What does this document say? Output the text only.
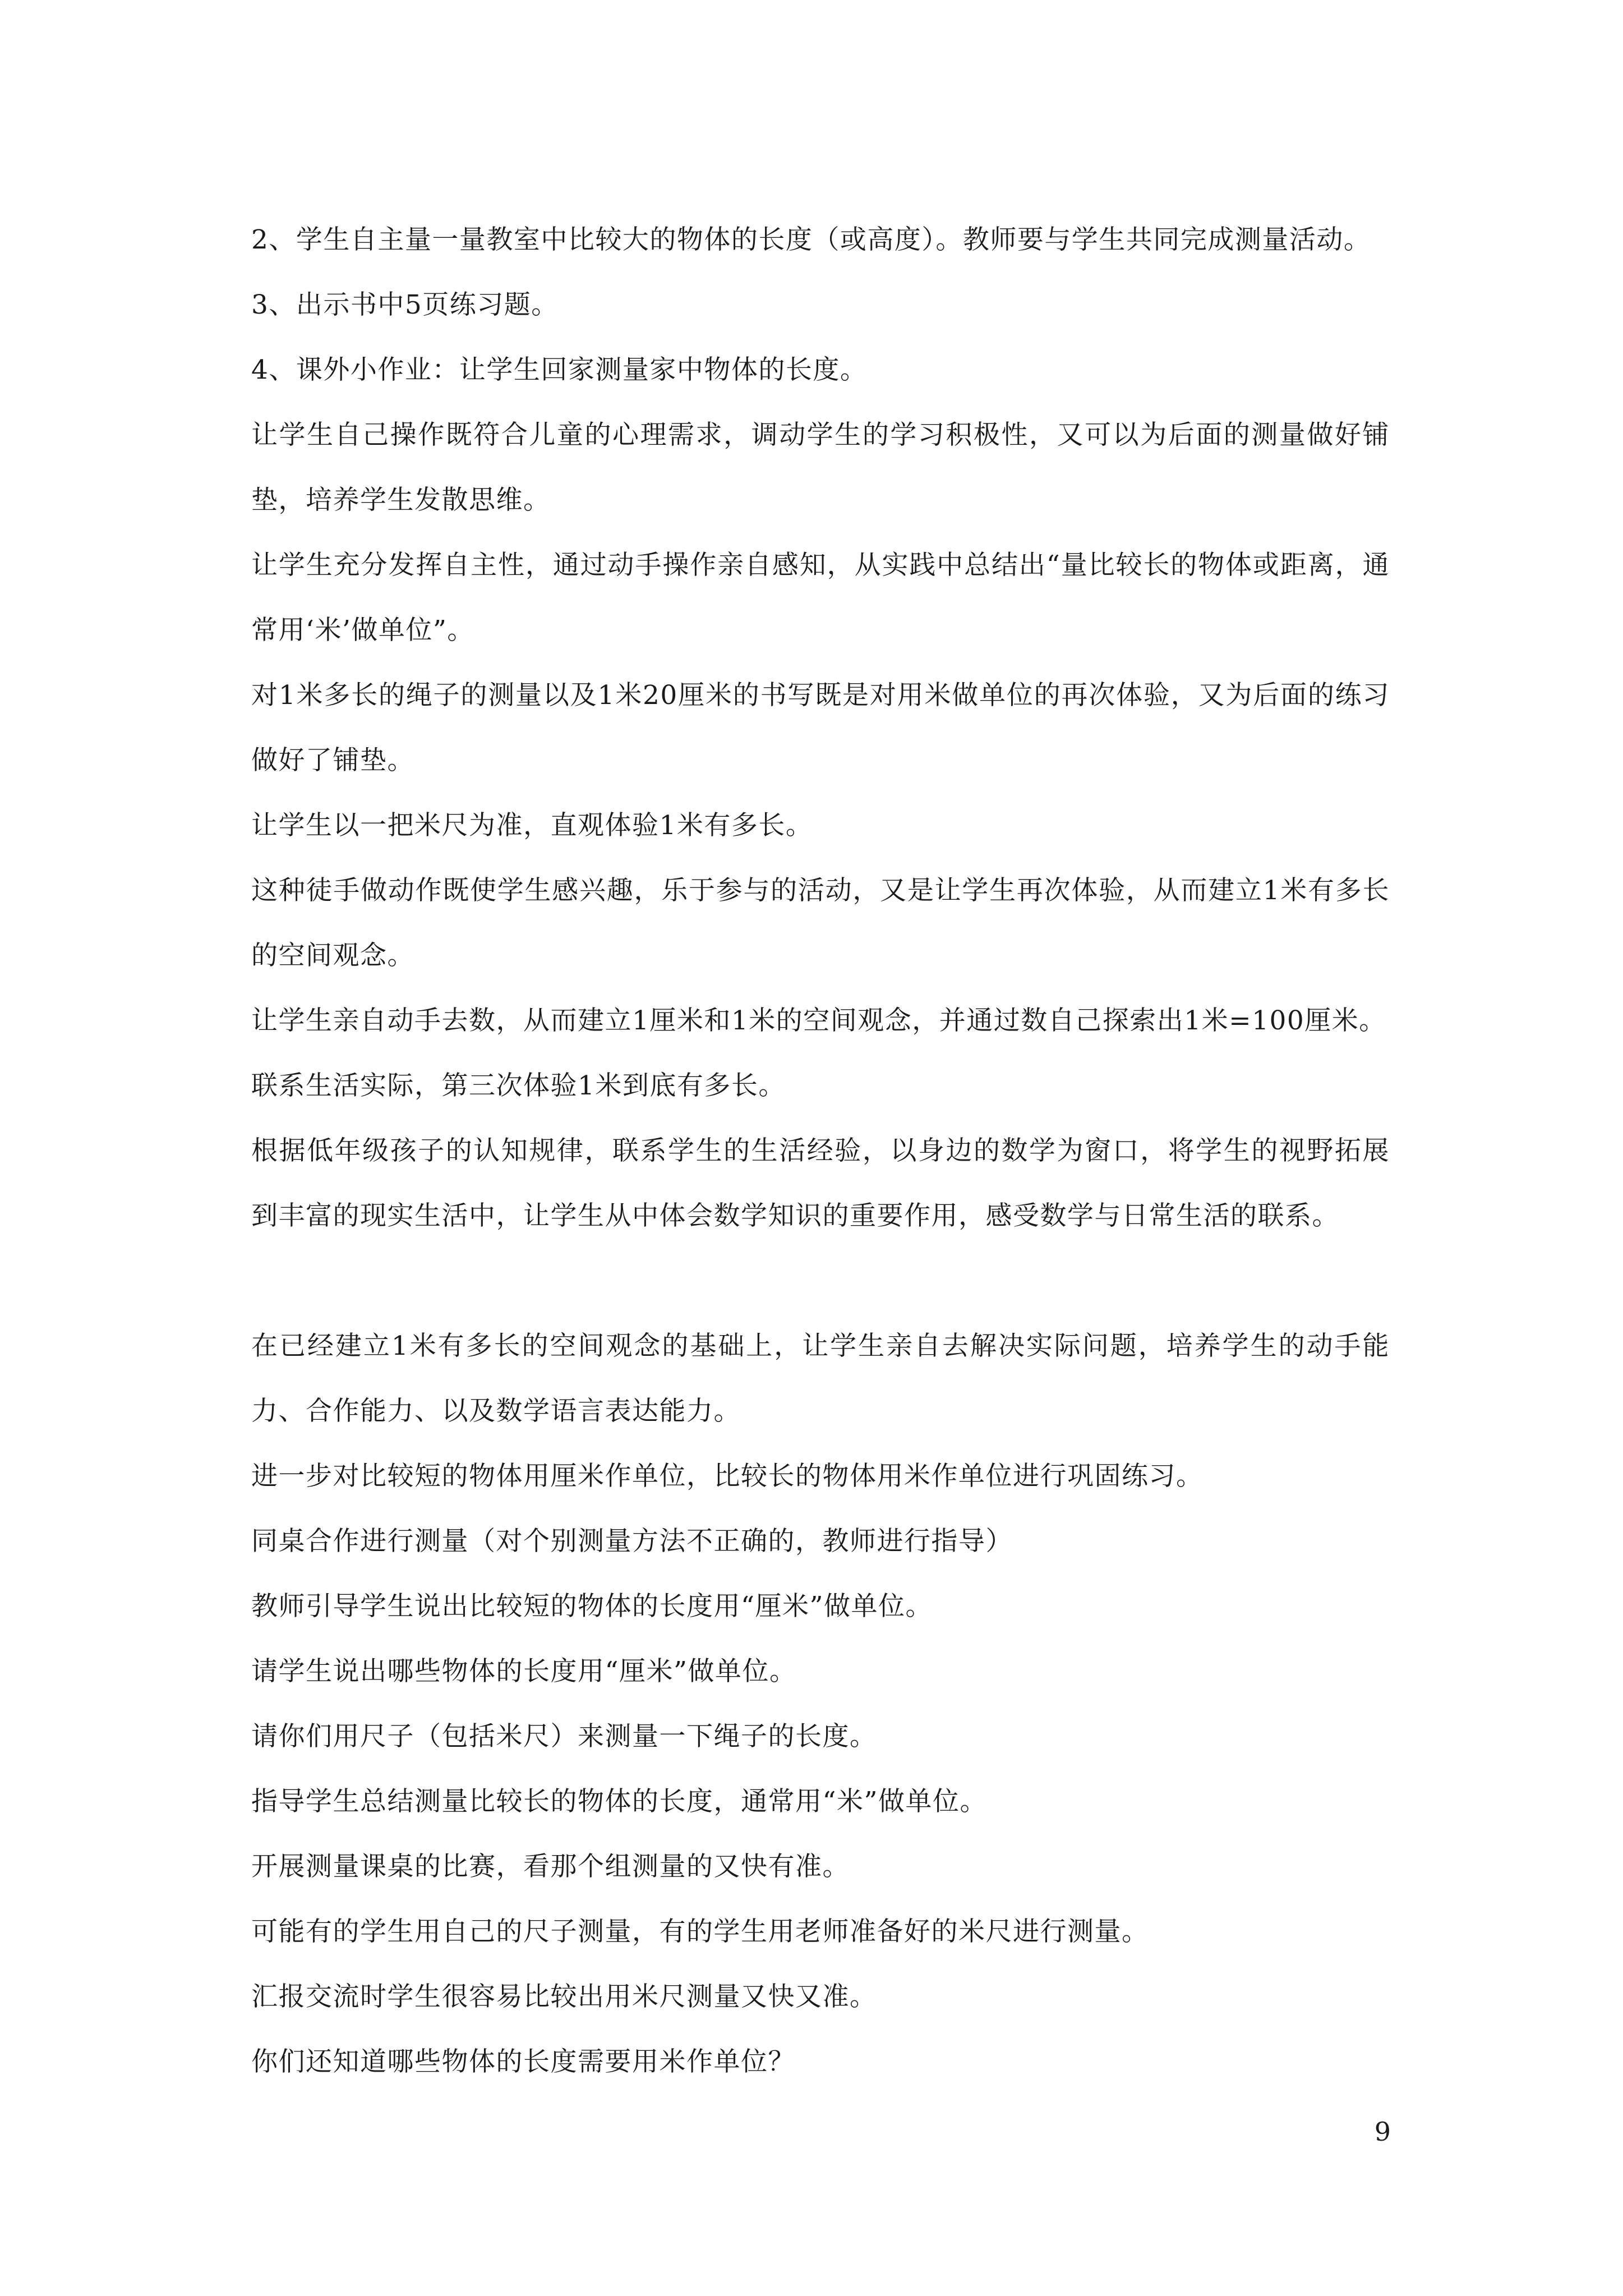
2、学生自主量一量教室中比较大的物体的长度（或高度）。教师要与学生共同完成测量活动。

3、出示书中5页练习题。

4、课外小作业：让学生回家测量家中物体的长度。

让学生自己操作既符合儿童的心理需求，调动学生的学习积极性，又可以为后面的测量做好铺垫，培养学生发散思维。

让学生充分发挥自主性，通过动手操作亲自感知，从实践中总结出“量比较长的物体或距离，通常用‘米’做单位”。

对1米多长的绳子的测量以及1米20厘米的书写既是对用米做单位的再次体验，又为后面的练习做好了铺垫。

让学生以一把米尺为准，直观体验1米有多长。

这种徒手做动作既使学生感兴趣，乐于参与的活动，又是让学生再次体验，从而建立1米有多长的空间观念。

让学生亲自动手去数，从而建立1厘米和1米的空间观念，并通过数自己探索出1米=100厘米。

联系生活实际，第三次体验1米到底有多长。

根据低年级孩子的认知规律，联系学生的生活经验，以身边的数学为窗口，将学生的视野拓展到丰富的现实生活中，让学生从中体会数学知识的重要作用，感受数学与日常生活的联系。

在已经建立1米有多长的空间观念的基础上，让学生亲自去解决实际问题，培养学生的动手能力、合作能力、以及数学语言表达能力。

进一步对比较短的物体用厘米作单位，比较长的物体用米作单位进行巩固练习。

同桌合作进行测量（对个别测量方法不正确的，教师进行指导）

教师引导学生说出比较短的物体的长度用“厘米”做单位。

请学生说出哪些物体的长度用“厘米”做单位。

请你们用尺子（包括米尺）来测量一下绳子的长度。

指导学生总结测量比较长的物体的长度，通常用“米”做单位。

开展测量课桌的比赛，看那个组测量的又快有准。

可能有的学生用自己的尺子测量，有的学生用老师准备好的米尺进行测量。

汇报交流时学生很容易比较出用米尺测量又快又准。

你们还知道哪些物体的长度需要用米作单位？

9
